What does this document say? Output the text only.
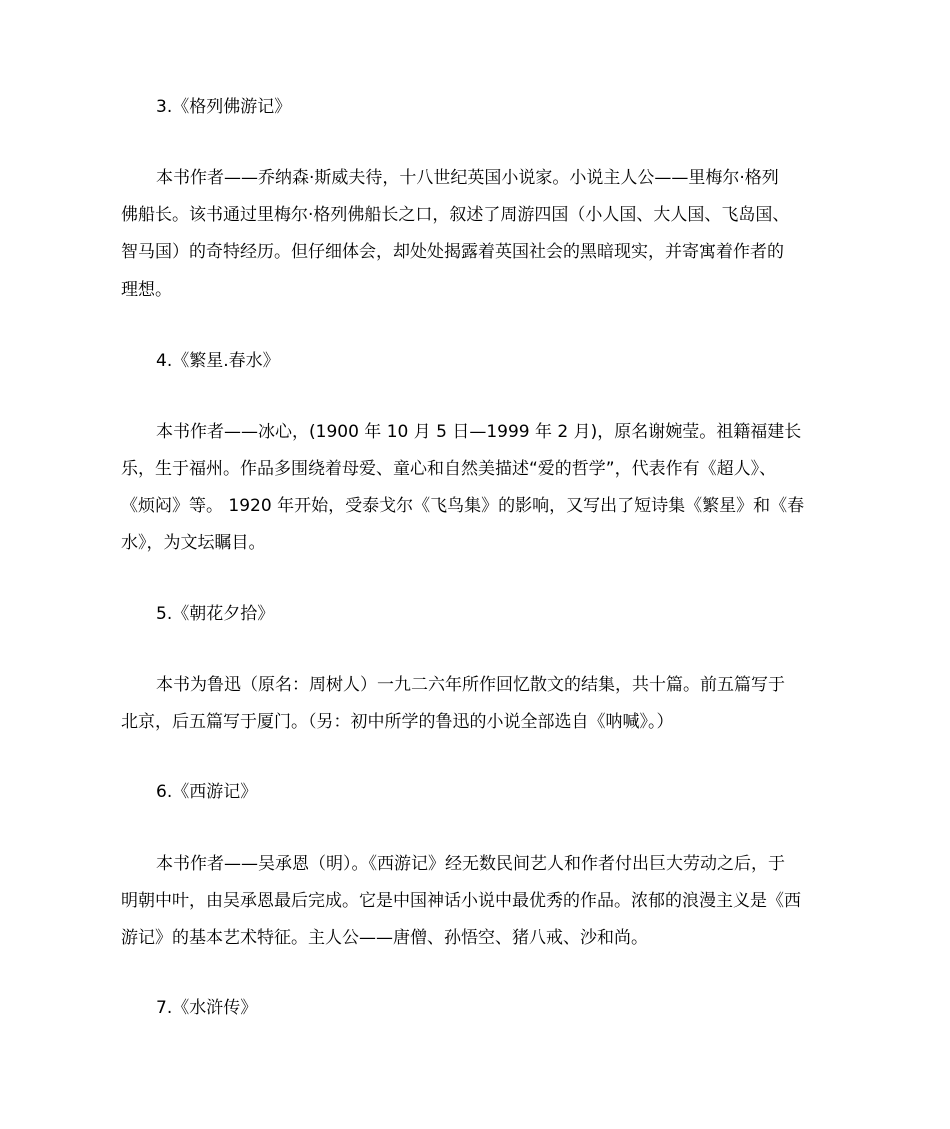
3.《格列佛游记》
本书作者——乔纳森·斯威夫待，十八世纪英国小说家。小说主人公——里梅尔·格列
佛船长。该书通过里梅尔·格列佛船长之口，叙述了周游四国（小人国、大人国、飞岛国、
智马国）的奇特经历。但仔细体会，却处处揭露着英国社会的黑暗现实，并寄寓着作者的
理想。
4.《繁星.春水》
本书作者——冰心，(1900 年 10 月 5 日—1999 年 2 月)，原名谢婉莹。祖籍福建长
乐，生于福州。作品多围绕着母爱、童心和自然美描述“爱的哲学”，代表作有《超人》、
《烦闷》等。 1920 年开始，受泰戈尔《飞鸟集》的影响，又写出了短诗集《繁星》和《春
水》，为文坛瞩目。
5.《朝花夕拾》
本书为鲁迅（原名：周树人）一九二六年所作回忆散文的结集，共十篇。前五篇写于
北京，后五篇写于厦门。（另：初中所学的鲁迅的小说全部选自《呐喊》。）
6.《西游记》
本书作者——吴承恩（明）。《西游记》经无数民间艺人和作者付出巨大劳动之后，于
明朝中叶，由吴承恩最后完成。它是中国神话小说中最优秀的作品。浓郁的浪漫主义是《西
游记》的基本艺术特征。主人公——唐僧、孙悟空、猪八戒、沙和尚。
7.《水浒传》
